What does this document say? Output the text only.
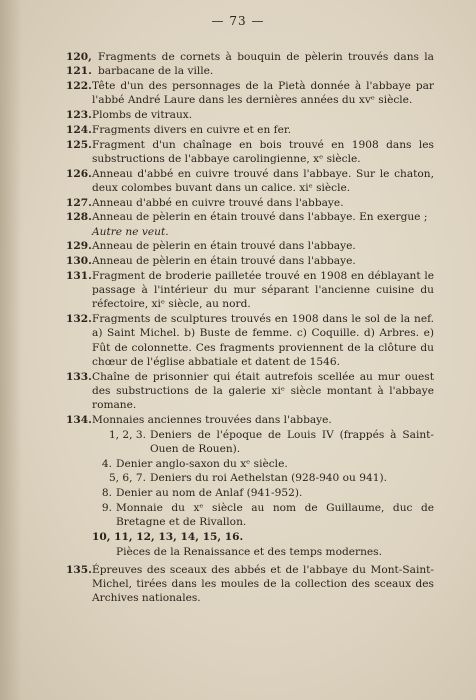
— 73 —
120, 121.
Fragments de cornets à bouquin de pèlerin trouvés dans la barbacane de la ville.
122. Tête d'un des personnages de la Pietà donnée à l'abbaye par l'abbé André Laure dans les dernières années du xvᵉ siècle.
123. Plombs de vitraux.
124. Fragments divers en cuivre et en fer.
125. Fragment d'un chaînage en bois trouvé en 1908 dans les substructions de l'abbaye carolingienne, xᵉ siècle.
126. Anneau d'abbé en cuivre trouvé dans l'abbaye. Sur le chaton, deux colombes buvant dans un calice. xiᵉ siècle.
127. Anneau d'abbé en cuivre trouvé dans l'abbaye.
128. Anneau de pèlerin en étain trouvé dans l'abbaye. En exergue ;
Autre ne veut.
129. Anneau de pèlerin en étain trouvé dans l'abbaye.
130. Anneau de pèlerin en étain trouvé dans l'abbaye.
131. Fragment de broderie pailletée trouvé en 1908 en déblayant le passage à l'intérieur du mur séparant l'ancienne cuisine du réfectoire, xiᵉ siècle, au nord.
132. Fragments de sculptures trouvés en 1908 dans le sol de la nef. a) Saint Michel. b) Buste de femme. c) Coquille. d) Arbres. e) Fût de colonnette. Ces fragments proviennent de la clôture du chœur de l'église abbatiale et datent de 1546.
133. Chaîne de prisonnier qui était autrefois scellée au mur ouest des substructions de la galerie xiᵉ siècle montant à l'abbaye romane.
134. Monnaies anciennes trouvées dans l'abbaye.
1, 2, 3. Deniers de l'époque de Louis IV (frappés à Saint-Ouen de Rouen).
4. Denier anglo-saxon du xᵉ siècle.
5, 6, 7. Deniers du roi Aethelstan (928-940 ou 941).
8. Denier au nom de Anlaf (941-952).
9. Monnaie du xᵉ siècle au nom de Guillaume, duc de Bretagne et de Rivallon.
10, 11, 12, 13, 14, 15, 16.
Pièces de la Renaissance et des temps modernes.
135. Épreuves des sceaux des abbés et de l'abbaye du Mont-Saint-Michel, tirées dans les moules de la collection des sceaux des Archives nationales.
